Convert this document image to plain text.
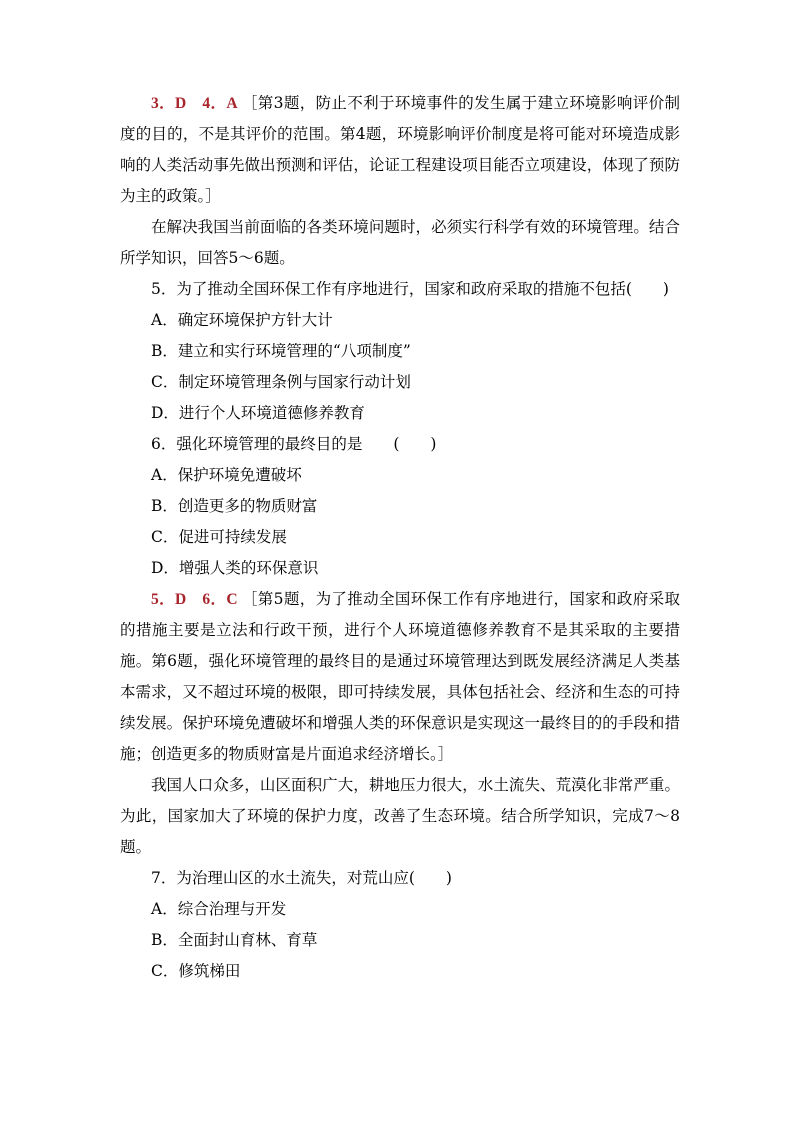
3．D　4．A ［第3题，防止不利于环境事件的发生属于建立环境影响评价制度的目的，不是其评价的范围。第4题，环境影响评价制度是将可能对环境造成影响的人类活动事先做出预测和评估，论证工程建设项目能否立项建设，体现了预防为主的政策。］

在解决我国当前面临的各类环境问题时，必须实行科学有效的环境管理。结合所学知识，回答5～6题。

5．为了推动全国环保工作有序地进行，国家和政府采取的措施不包括(　　)

A．确定环境保护方针大计

B．建立和实行环境管理的“八项制度”

C．制定环境管理条例与国家行动计划

D．进行个人环境道德修养教育

6．强化环境管理的最终目的是　　(　　)

A．保护环境免遭破坏

B．创造更多的物质财富

C．促进可持续发展

D．增强人类的环保意识

5．D　6．C ［第5题，为了推动全国环保工作有序地进行，国家和政府采取的措施主要是立法和行政干预，进行个人环境道德修养教育不是其采取的主要措施。第6题，强化环境管理的最终目的是通过环境管理达到既发展经济满足人类基本需求，又不超过环境的极限，即可持续发展，具体包括社会、经济和生态的可持续发展。保护环境免遭破坏和增强人类的环保意识是实现这一最终目的的手段和措施；创造更多的物质财富是片面追求经济增长。］

我国人口众多，山区面积广大，耕地压力很大，水土流失、荒漠化非常严重。为此，国家加大了环境的保护力度，改善了生态环境。结合所学知识，完成7～8题。

7．为治理山区的水土流失，对荒山应(　　)

A．综合治理与开发

B．全面封山育林、育草

C．修筑梯田
